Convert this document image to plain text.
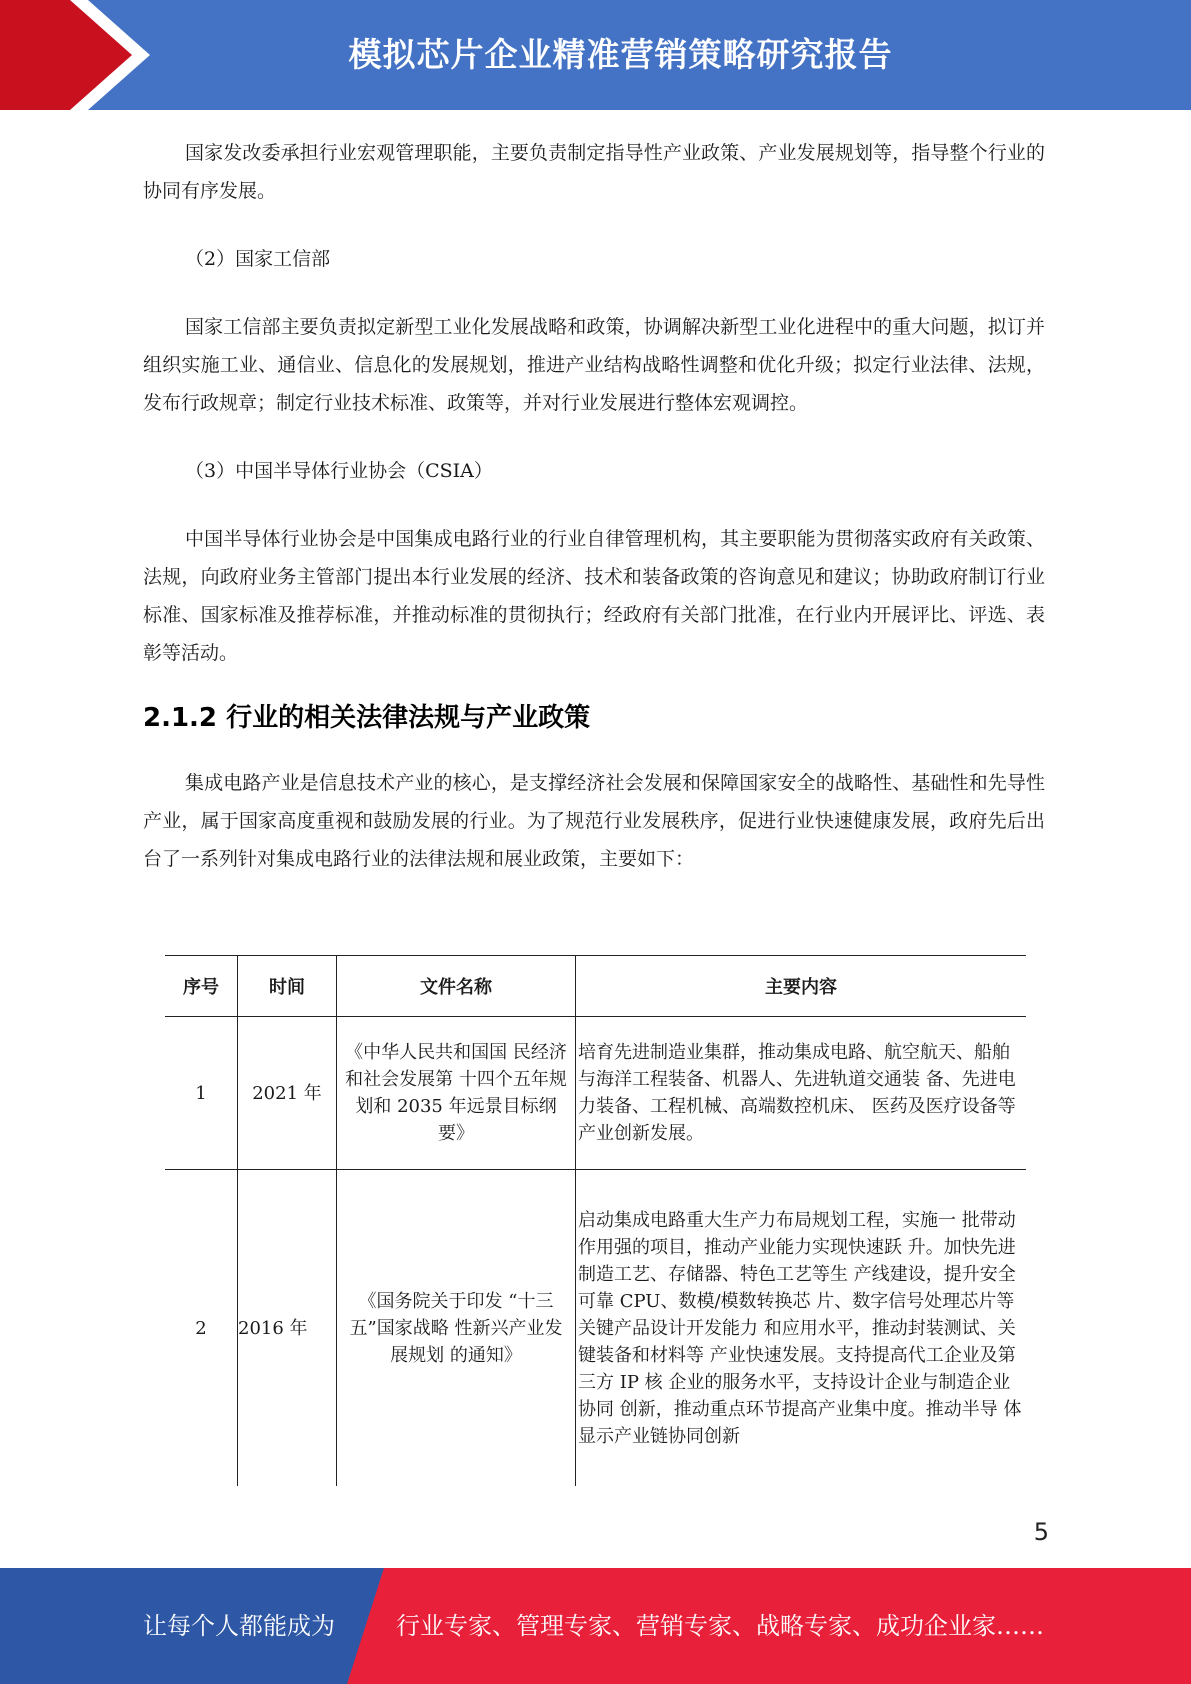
模拟芯片企业精准营销策略研究报告

国家发改委承担行业宏观管理职能，主要负责制定指导性产业政策、产业发展规划等，指导整个行业的协同有序发展。

（2）国家工信部

国家工信部主要负责拟定新型工业化发展战略和政策，协调解决新型工业化进程中的重大问题，拟订并组织实施工业、通信业、信息化的发展规划，推进产业结构战略性调整和优化升级；拟定行业法律、法规，发布行政规章；制定行业技术标准、政策等，并对行业发展进行整体宏观调控。

（3）中国半导体行业协会（CSIA）

中国半导体行业协会是中国集成电路行业的行业自律管理机构，其主要职能为贯彻落实政府有关政策、法规，向政府业务主管部门提出本行业发展的经济、技术和装备政策的咨询意见和建议；协助政府制订行业标准、国家标准及推荐标准，并推动标准的贯彻执行；经政府有关部门批准，在行业内开展评比、评选、表彰等活动。

2.1.2 行业的相关法律法规与产业政策

集成电路产业是信息技术产业的核心，是支撑经济社会发展和保障国家安全的战略性、基础性和先导性产业，属于国家高度重视和鼓励发展的行业。为了规范行业发展秩序，促进行业快速健康发展，政府先后出台了一系列针对集成电路行业的法律法规和展业政策，主要如下：

序号	时间	文件名称	主要内容
1	2021 年	《中华人民共和国国 民经济和社会发展第 十四个五年规划和 2035 年远景目标纲要》	培育先进制造业集群，推动集成电路、航空航天、船舶与海洋工程装备、机器人、先进轨道交通装 备、先进电力装备、工程机械、高端数控机床、 医药及医疗设备等产业创新发展。
2	2016 年	《国务院关于印发 “十三五”国家战略 性新兴产业发展规划 的通知》	启动集成电路重大生产力布局规划工程，实施一 批带动作用强的项目，推动产业能力实现快速跃 升。加快先进制造工艺、存储器、特色工艺等生 产线建设，提升安全可靠 CPU、数模/模数转换芯 片、数字信号处理芯片等关键产品设计开发能力 和应用水平，推动封装测试、关键装备和材料等 产业快速发展。支持提高代工企业及第三方 IP 核 企业的服务水平，支持设计企业与制造企业协同 创新，推动重点环节提高产业集中度。推动半导 体显示产业链协同创新
5
让每个人都能成为	行业专家、管理专家、营销专家、战略专家、成功企业家……
